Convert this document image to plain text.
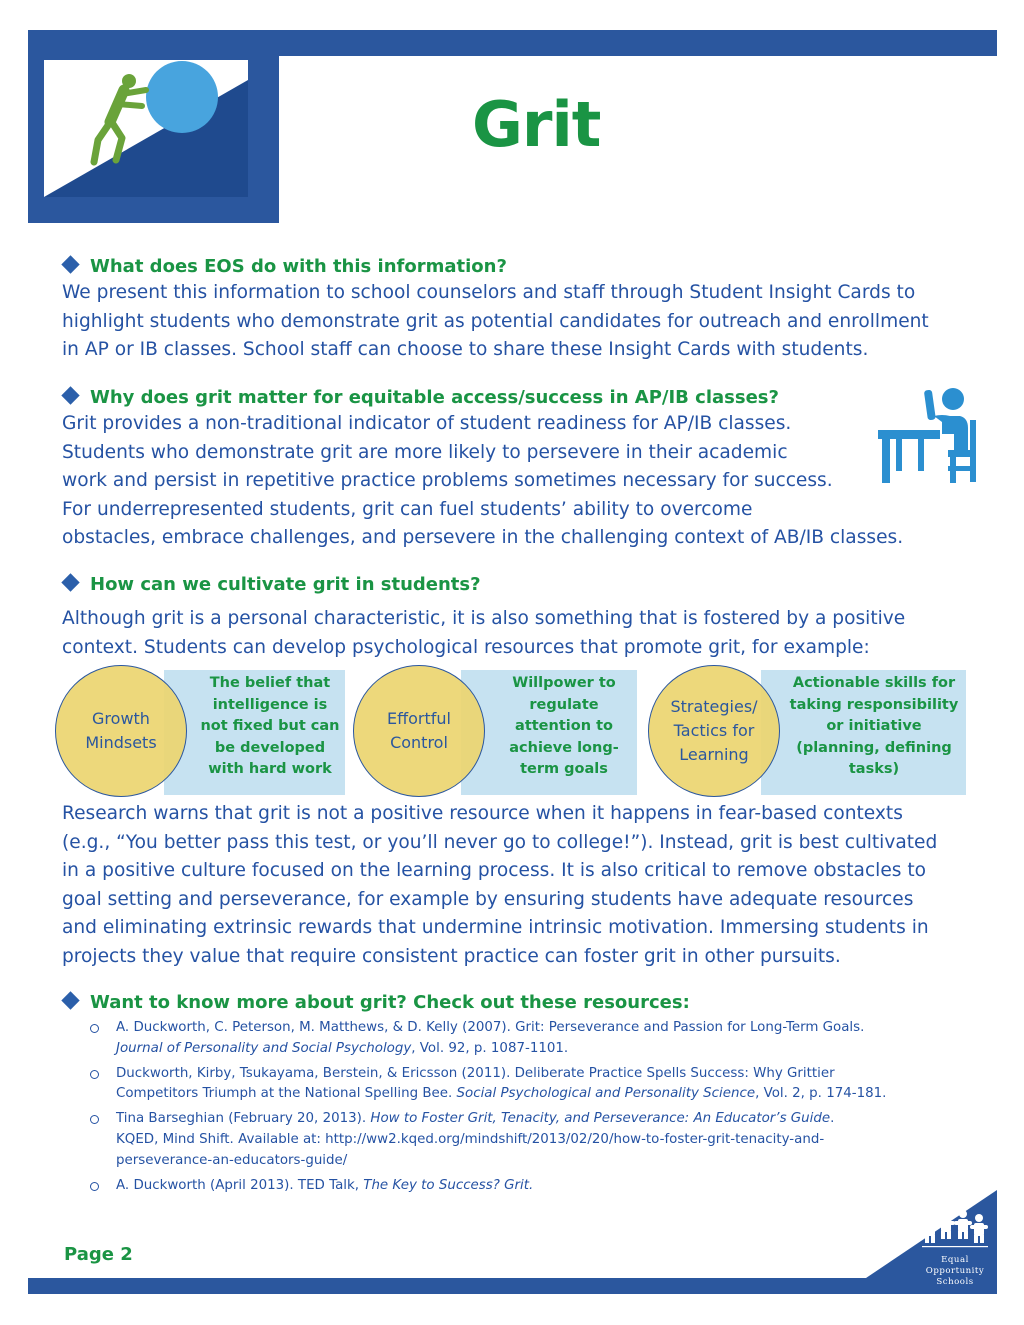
Grit
What does EOS do with this information?
We present this information to school counselors and staff through Student Insight Cards to
highlight students who demonstrate grit as potential candidates for outreach and enrollment
in AP or IB classes. School staff can choose to share these Insight Cards with students.
Why does grit matter for equitable access/success in AP/IB classes?
Grit provides a non-traditional indicator of student readiness for AP/IB classes.
Students who demonstrate grit are more likely to persevere in their academic
work and persist in repetitive practice problems sometimes necessary for success.
For underrepresented students, grit can fuel students’ ability to overcome
obstacles, embrace challenges, and persevere in the challenging context of AB/IB classes.
How can we cultivate grit in students?
Although grit is a personal characteristic, it is also something that is fostered by a positive
context. Students can develop psychological resources that promote grit, for example:
Growth
Mindsets
The belief that
intelligence is
not fixed but can
be developed
with hard work
Effortful
Control
Willpower to
regulate
attention to
achieve long-
term goals
Strategies/
Tactics for
Learning
Actionable skills for
taking responsibility
or initiative
(planning, defining
tasks)
Research warns that grit is not a positive resource when it happens in fear-based contexts
(e.g., “You better pass this test, or you’ll never go to college!”). Instead, grit is best cultivated
in a positive culture focused on the learning process. It is also critical to remove obstacles to
goal setting and perseverance, for example by ensuring students have adequate resources
and eliminating extrinsic rewards that undermine intrinsic motivation. Immersing students in
projects they value that require consistent practice can foster grit in other pursuits.
Want to know more about grit? Check out these resources:
A. Duckworth, C. Peterson, M. Matthews, & D. Kelly (2007). Grit: Perseverance and Passion for Long-Term Goals.
Journal of Personality and Social Psychology, Vol. 92, p. 1087-1101.
Duckworth, Kirby, Tsukayama, Berstein, & Ericsson (2011). Deliberate Practice Spells Success: Why Grittier
Competitors Triumph at the National Spelling Bee. Social Psychological and Personality Science, Vol. 2, p. 174-181.
Tina Barseghian (February 20, 2013). How to Foster Grit, Tenacity, and Perseverance: An Educator’s Guide.
KQED, Mind Shift. Available at: http://ww2.kqed.org/mindshift/2013/02/20/how-to-foster-grit-tenacity-and-
perseverance-an-educators-guide/
A. Duckworth (April 2013). TED Talk, The Key to Success? Grit.
Page 2	Equal
Opportunity
Schools
